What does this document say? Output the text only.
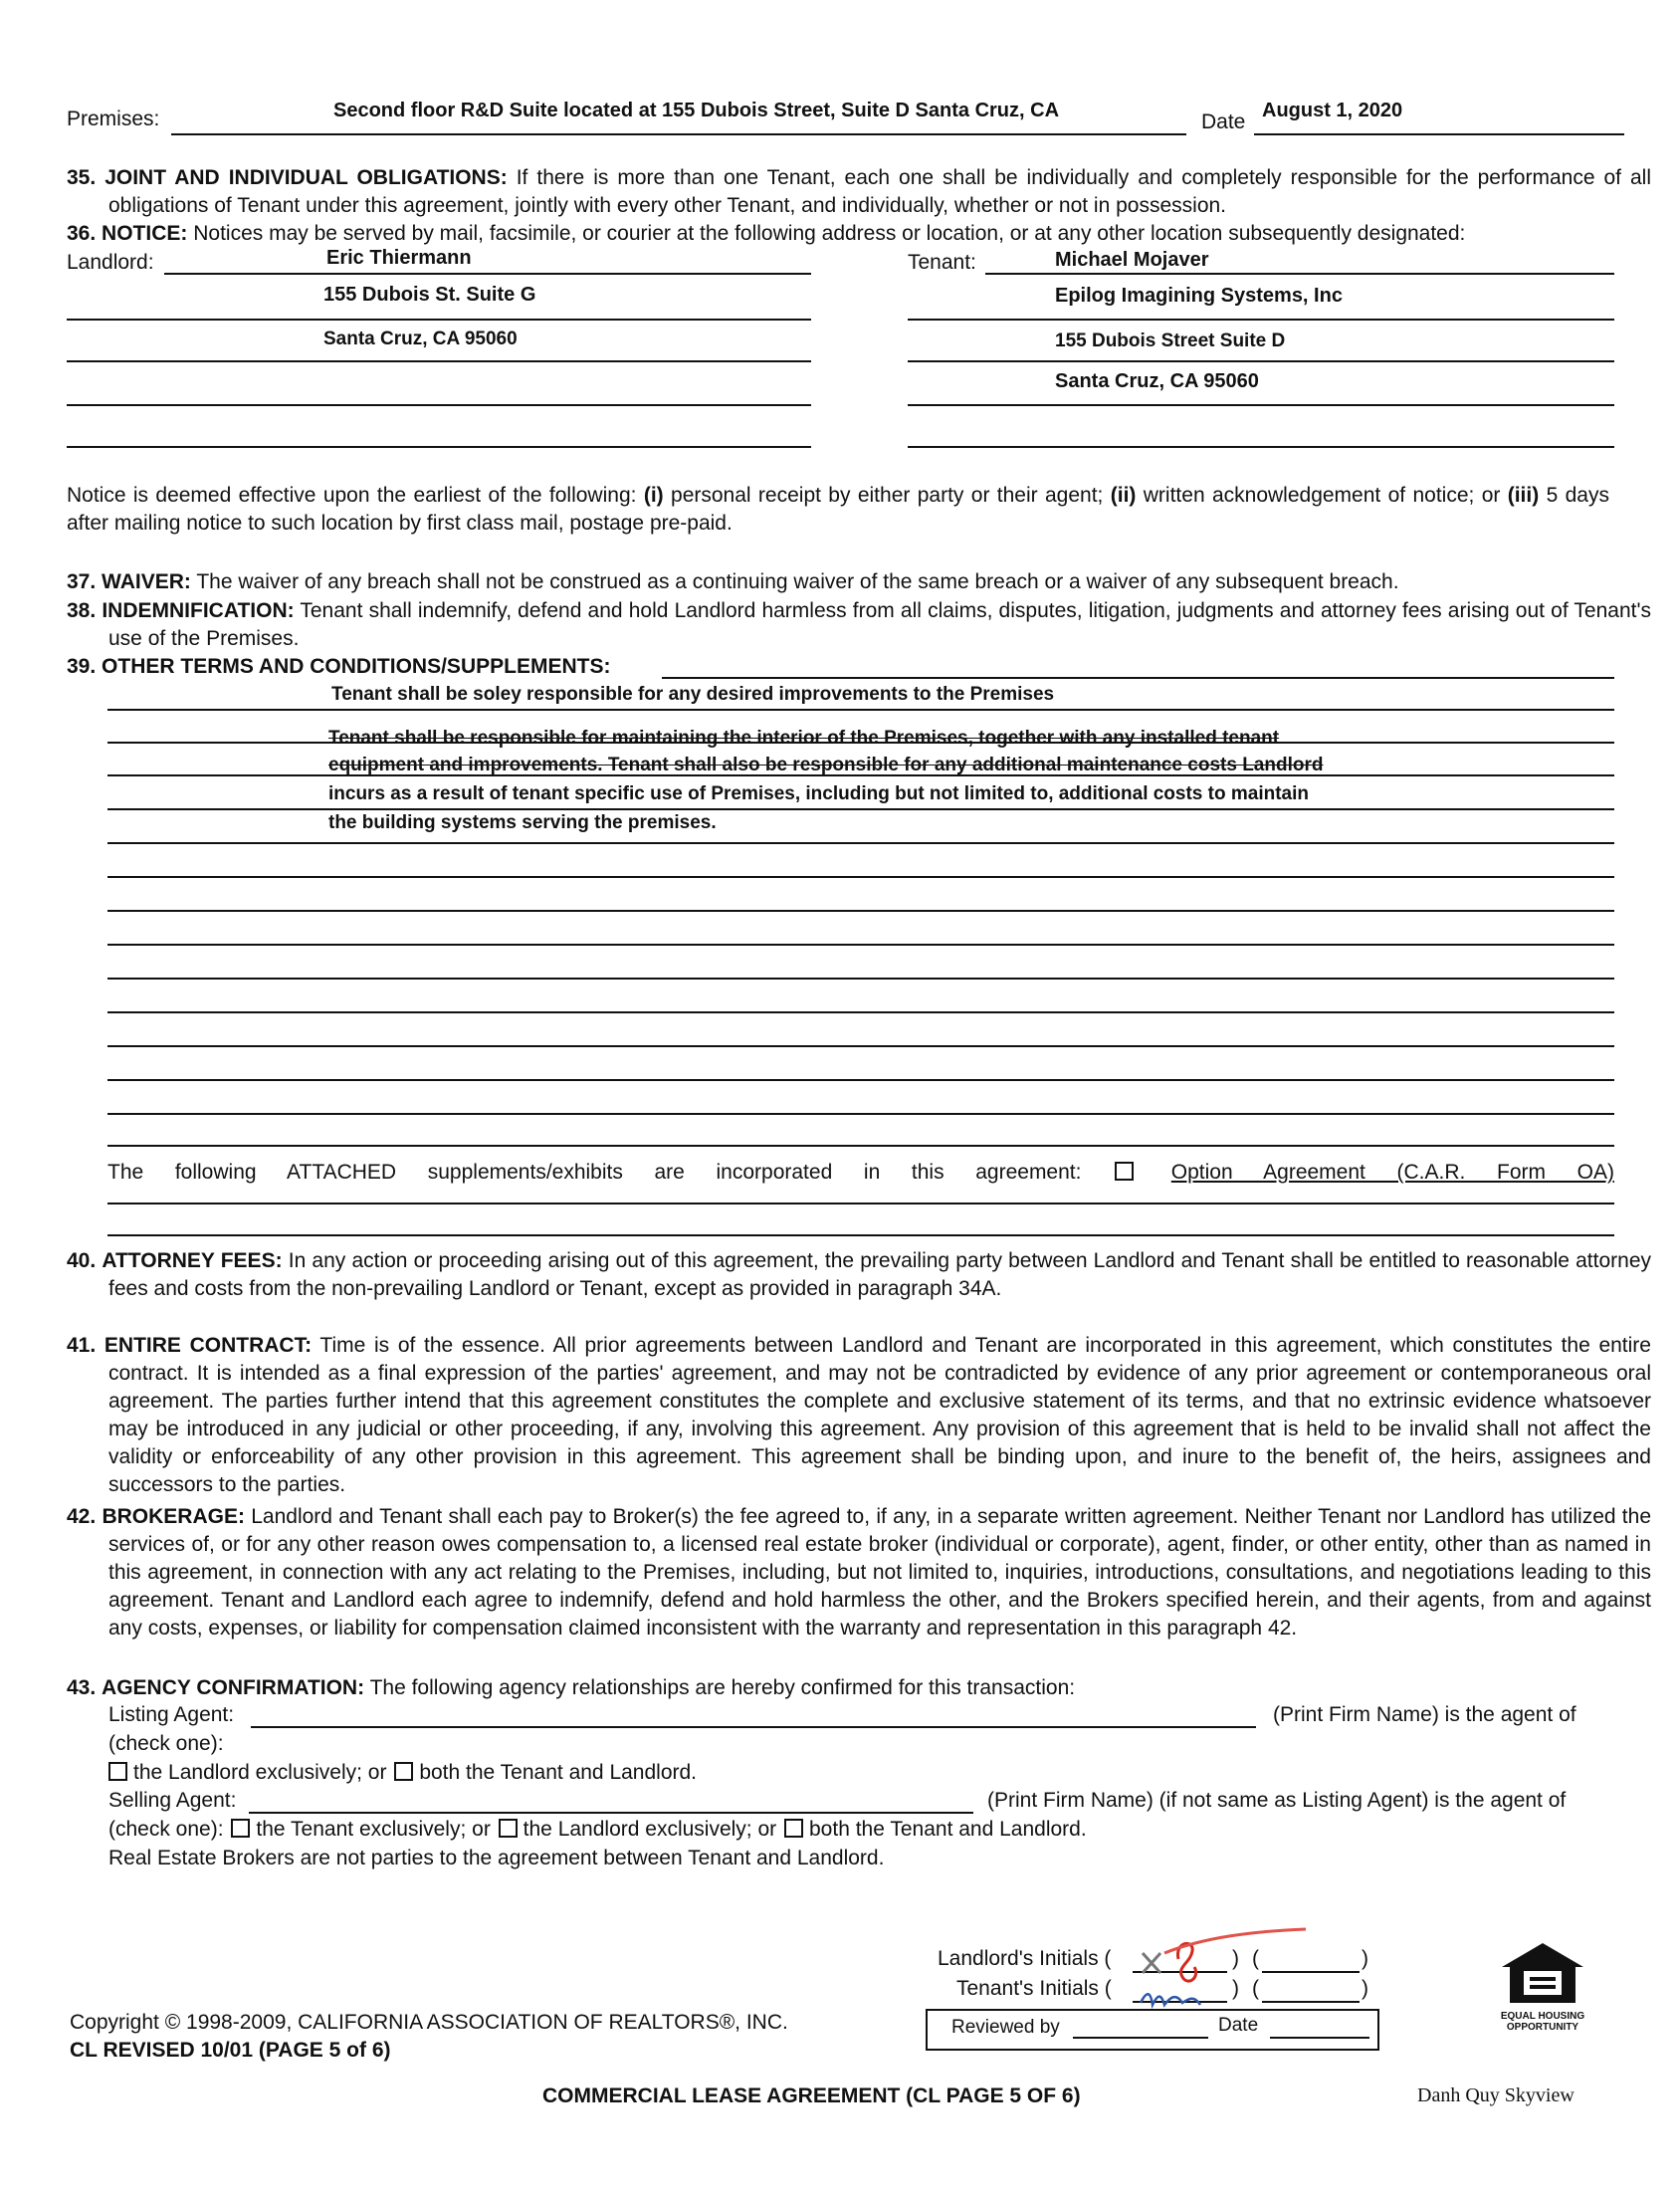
Premises:	Second floor R&D Suite located at 155 Dubois Street, Suite D Santa Cruz, CA	Date August 1, 2020
35. JOINT AND INDIVIDUAL OBLIGATIONS: If there is more than one Tenant, each one shall be individually and completely responsible for the performance of all obligations of Tenant under this agreement, jointly with every other Tenant, and individually, whether or not in possession.
36. NOTICE: Notices may be served by mail, facsimile, or courier at the following address or location, or at any other location subsequently designated:
Landlord:	Eric Thiermann
155 Dubois St. Suite G
Santa Cruz, CA 95060
Tenant:	Michael Mojaver
Epilog Imagining Systems, Inc
155 Dubois Street Suite D
Santa Cruz, CA 95060
Notice is deemed effective upon the earliest of the following: (i) personal receipt by either party or their agent; (ii) written acknowledgement of notice; or (iii) 5 days after mailing notice to such location by first class mail, postage pre-paid.
37. WAIVER: The waiver of any breach shall not be construed as a continuing waiver of the same breach or a waiver of any subsequent breach.
38. INDEMNIFICATION: Tenant shall indemnify, defend and hold Landlord harmless from all claims, disputes, litigation, judgments and attorney fees arising out of Tenant's use of the Premises.
39. OTHER TERMS AND CONDITIONS/SUPPLEMENTS:
Tenant shall be soley responsible for any desired improvements to the Premises
Tenant shall be responsible for maintaining the interior of the Premises, together with any installed tenant
equipment and improvements. Tenant shall also be responsible for any additional maintenance costs Landlord
incurs as a result of tenant specific use of Premises, including but not limited to, additional costs to maintain
the building systems serving the premises.
The following ATTACHED supplements/exhibits are incorporated in this agreement:	Option Agreement (C.A.R. Form OA)
40. ATTORNEY FEES: In any action or proceeding arising out of this agreement, the prevailing party between Landlord and Tenant shall be entitled to reasonable attorney fees and costs from the non-prevailing Landlord or Tenant, except as provided in paragraph 34A.
41. ENTIRE CONTRACT: Time is of the essence. All prior agreements between Landlord and Tenant are incorporated in this agreement, which constitutes the entire contract. It is intended as a final expression of the parties' agreement, and may not be contradicted by evidence of any prior agreement or contemporaneous oral agreement. The parties further intend that this agreement constitutes the complete and exclusive statement of its terms, and that no extrinsic evidence whatsoever may be introduced in any judicial or other proceeding, if any, involving this agreement. Any provision of this agreement that is held to be invalid shall not affect the validity or enforceability of any other provision in this agreement. This agreement shall be binding upon, and inure to the benefit of, the heirs, assignees and successors to the parties.
42. BROKERAGE: Landlord and Tenant shall each pay to Broker(s) the fee agreed to, if any, in a separate written agreement. Neither Tenant nor Landlord has utilized the services of, or for any other reason owes compensation to, a licensed real estate broker (individual or corporate), agent, finder, or other entity, other than as named in this agreement, in connection with any act relating to the Premises, including, but not limited to, inquiries, introductions, consultations, and negotiations leading to this agreement. Tenant and Landlord each agree to indemnify, defend and hold harmless the other, and the Brokers specified herein, and their agents, from and against any costs, expenses, or liability for compensation claimed inconsistent with the warranty and representation in this paragraph 42.
43. AGENCY CONFIRMATION: The following agency relationships are hereby confirmed for this transaction:
Listing Agent:	(Print Firm Name) is the agent of
(check one):
the Landlord exclusively; or both the Tenant and Landlord.
Selling Agent:	(Print Firm Name) (if not same as Listing Agent) is the agent of
(check one): the Tenant exclusively; or the Landlord exclusively; or both the Tenant and Landlord.
Real Estate Brokers are not parties to the agreement between Tenant and Landlord.
Landlord's Initials (	) (	)
Tenant's Initials (	) (	)
Reviewed by	Date	EQUAL HOUSING OPPORTUNITY
Copyright © 1998-2009, CALIFORNIA ASSOCIATION OF REALTORS®, INC.
CL REVISED 10/01 (PAGE 5 of 6)
COMMERCIAL LEASE AGREEMENT (CL PAGE 5 OF 6)	Danh Quy Skyview
